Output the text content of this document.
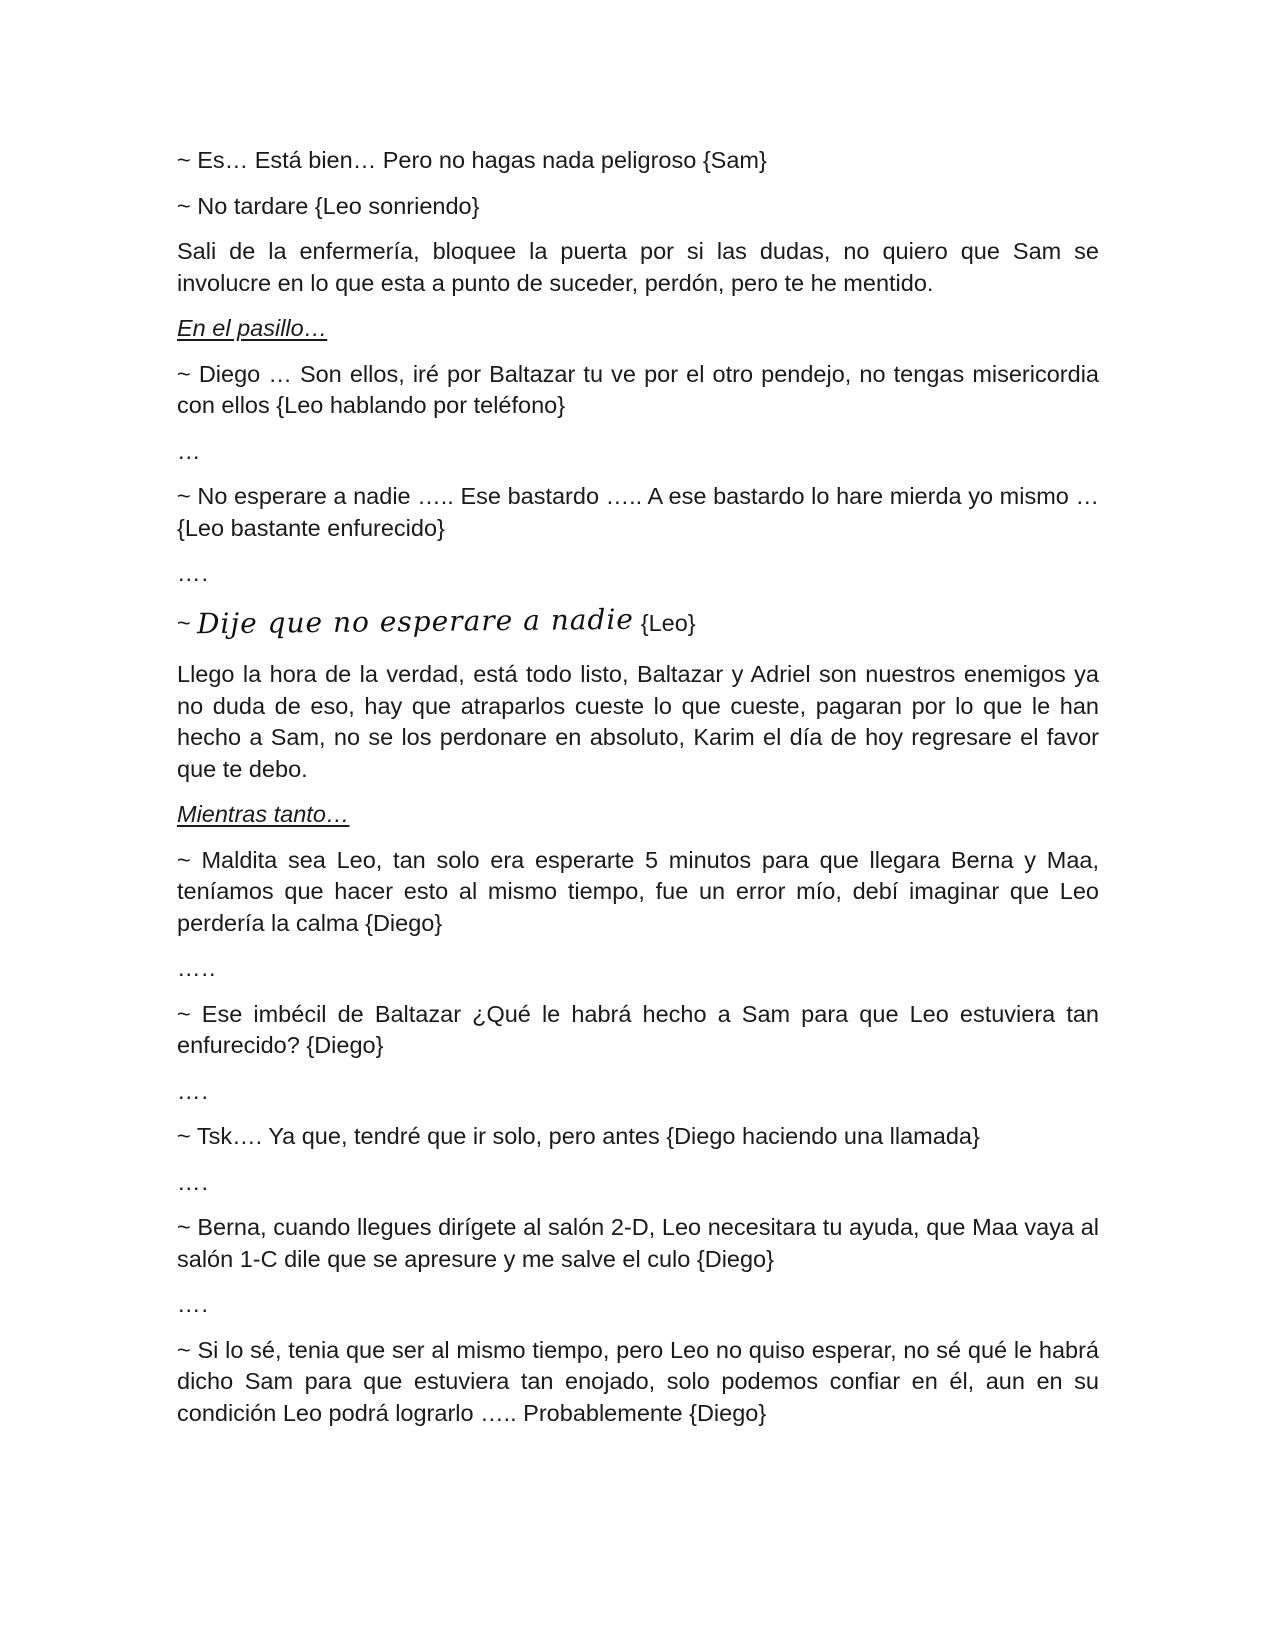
~ Es… Está bien… Pero no hagas nada peligroso {Sam}

~ No tardare {Leo sonriendo}

Sali de la enfermería, bloquee la puerta por si las dudas, no quiero que Sam se involucre en lo que esta a punto de suceder, perdón, pero te he mentido.

En el pasillo…

~ Diego … Son ellos, iré por Baltazar tu ve por el otro pendejo, no tengas misericordia con ellos {Leo hablando por teléfono}

…

~ No esperare a nadie ….. Ese bastardo ….. A ese bastardo lo hare mierda yo mismo … {Leo bastante enfurecido}

….

~ Dije que no esperare a nadie {Leo}

Llego la hora de la verdad, está todo listo, Baltazar y Adriel son nuestros enemigos ya no duda de eso, hay que atraparlos cueste lo que cueste, pagaran por lo que le han hecho a Sam, no se los perdonare en absoluto, Karim el día de hoy regresare el favor que te debo.

Mientras tanto…

~ Maldita sea Leo, tan solo era esperarte 5 minutos para que llegara Berna y Maa, teníamos que hacer esto al mismo tiempo, fue un error mío, debí imaginar que Leo perdería la calma {Diego}

…..

~ Ese imbécil de Baltazar ¿Qué le habrá hecho a Sam para que Leo estuviera tan enfurecido? {Diego}

….

~ Tsk…. Ya que, tendré que ir solo, pero antes {Diego haciendo una llamada}

….

~ Berna, cuando llegues dirígete al salón 2-D, Leo necesitara tu ayuda, que Maa vaya al salón 1-C dile que se apresure y me salve el culo {Diego}

….

~ Si lo sé, tenia que ser al mismo tiempo, pero Leo no quiso esperar, no sé qué le habrá dicho Sam para que estuviera tan enojado, solo podemos confiar en él, aun en su condición Leo podrá lograrlo ….. Probablemente {Diego}
